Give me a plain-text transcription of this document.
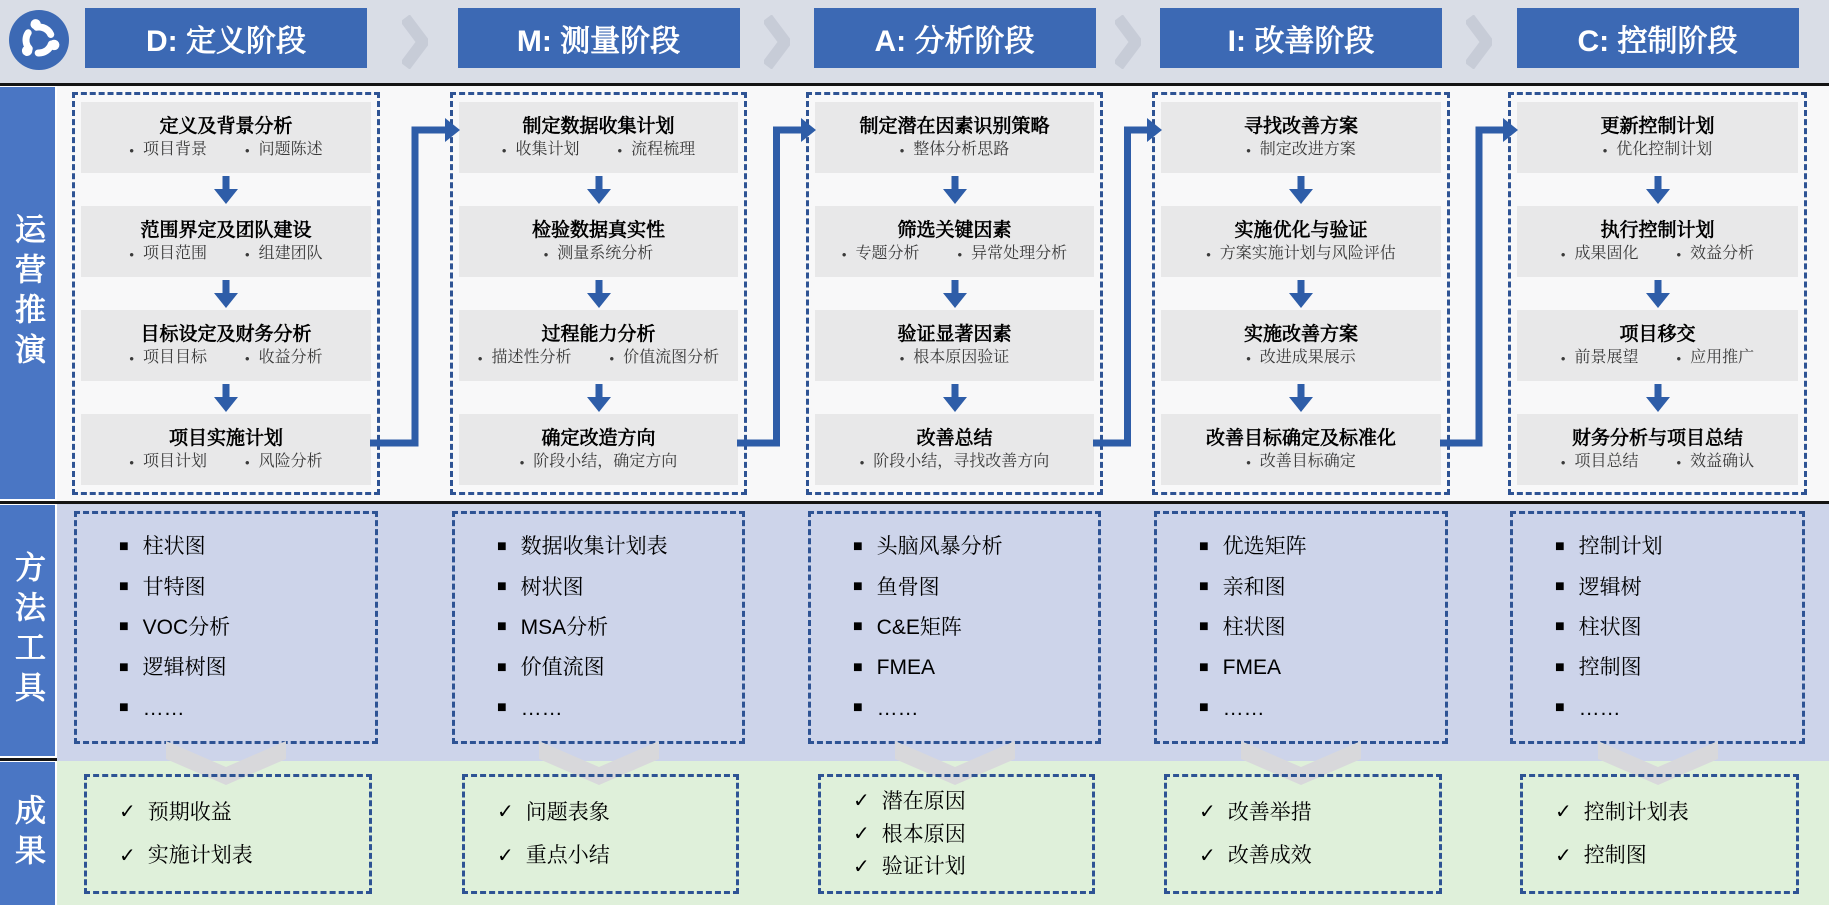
运营推演
方法工具
成果
D: 定义阶段
定义及背景分析
• 项目背景	• 问题陈述
范围界定及团队建设
• 项目范围	• 组建团队
目标设定及财务分析
• 项目目标	• 收益分析
项目实施计划
• 项目计划	• 风险分析
■ 柱状图
■ 甘特图
■ VOC分析
■ 逻辑树图
■ ……
✓ 预期收益
✓ 实施计划表
M: 测量阶段
制定数据收集计划
• 收集计划	• 流程梳理
检验数据真实性
• 测量系统分析
过程能力分析
• 描述性分析	• 价值流图分析
确定改造方向
• 阶段小结，确定方向
■ 数据收集计划表
■ 树状图
■ MSA分析
■ 价值流图
■ ……
✓ 问题表象
✓ 重点小结
A: 分析阶段
制定潜在因素识别策略
• 整体分析思路
筛选关键因素
• 专题分析	• 异常处理分析
验证显著因素
• 根本原因验证
改善总结
• 阶段小结，寻找改善方向
■ 头脑风暴分析
■ 鱼骨图
■ C&E矩阵
■ FMEA
■ ……
✓ 潜在原因
✓ 根本原因
✓ 验证计划
I: 改善阶段
寻找改善方案
• 制定改进方案
实施优化与验证
• 方案实施计划与风险评估
实施改善方案
• 改进成果展示
改善目标确定及标准化
• 改善目标确定
■ 优选矩阵
■ 亲和图
■ 柱状图
■ FMEA
■ ……
✓ 改善举措
✓ 改善成效
C: 控制阶段
更新控制计划
• 优化控制计划
执行控制计划
• 成果固化	• 效益分析
项目移交
• 前景展望	• 应用推广
财务分析与项目总结
• 项目总结	• 效益确认
■ 控制计划
■ 逻辑树
■ 柱状图
■ 控制图
■ ……
✓ 控制计划表
✓ 控制图
